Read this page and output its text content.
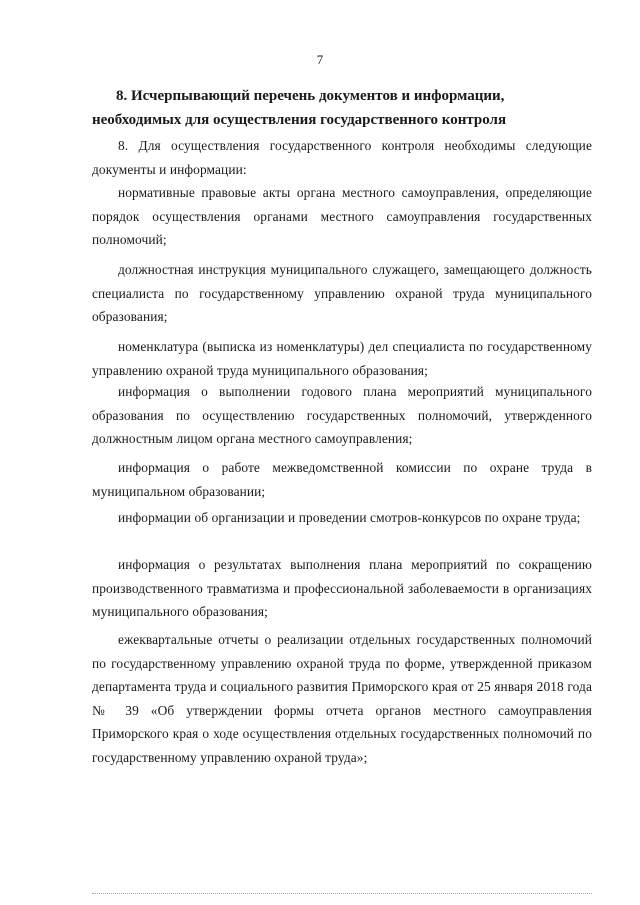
7
8. Исчерпывающий перечень документов и информации, необходимых для осуществления государственного контроля
8. Для осуществления государственного контроля необходимы следующие документы и информации:
нормативные правовые акты органа местного самоуправления, определяющие порядок осуществления органами местного самоуправления государственных полномочий;
должностная инструкция муниципального служащего, замещающего должность специалиста по государственному управлению охраной труда муниципального образования;
номенклатура (выписка из номенклатуры) дел специалиста по государственному управлению охраной труда муниципального образования;
информация о выполнении годового плана мероприятий муниципального образования по осуществлению государственных полномочий, утвержденного должностным лицом органа местного самоуправления;
информация о работе межведомственной комиссии по охране труда в муниципальном образовании;
информации об организации и проведении смотров-конкурсов по охране труда;
информация о результатах выполнения плана мероприятий по сокращению производственного травматизма и профессиональной заболеваемости в организациях муниципального образования;
ежеквартальные отчеты о реализации отдельных государственных полномочий по государственному управлению охраной труда по форме, утвержденной приказом департамента труда и социального развития Приморского края от 25 января 2018 года № 39 «Об утверждении формы отчета органов местного самоуправления Приморского края о ходе осуществления отдельных государственных полномочий по государственному управлению охраной труда»;
